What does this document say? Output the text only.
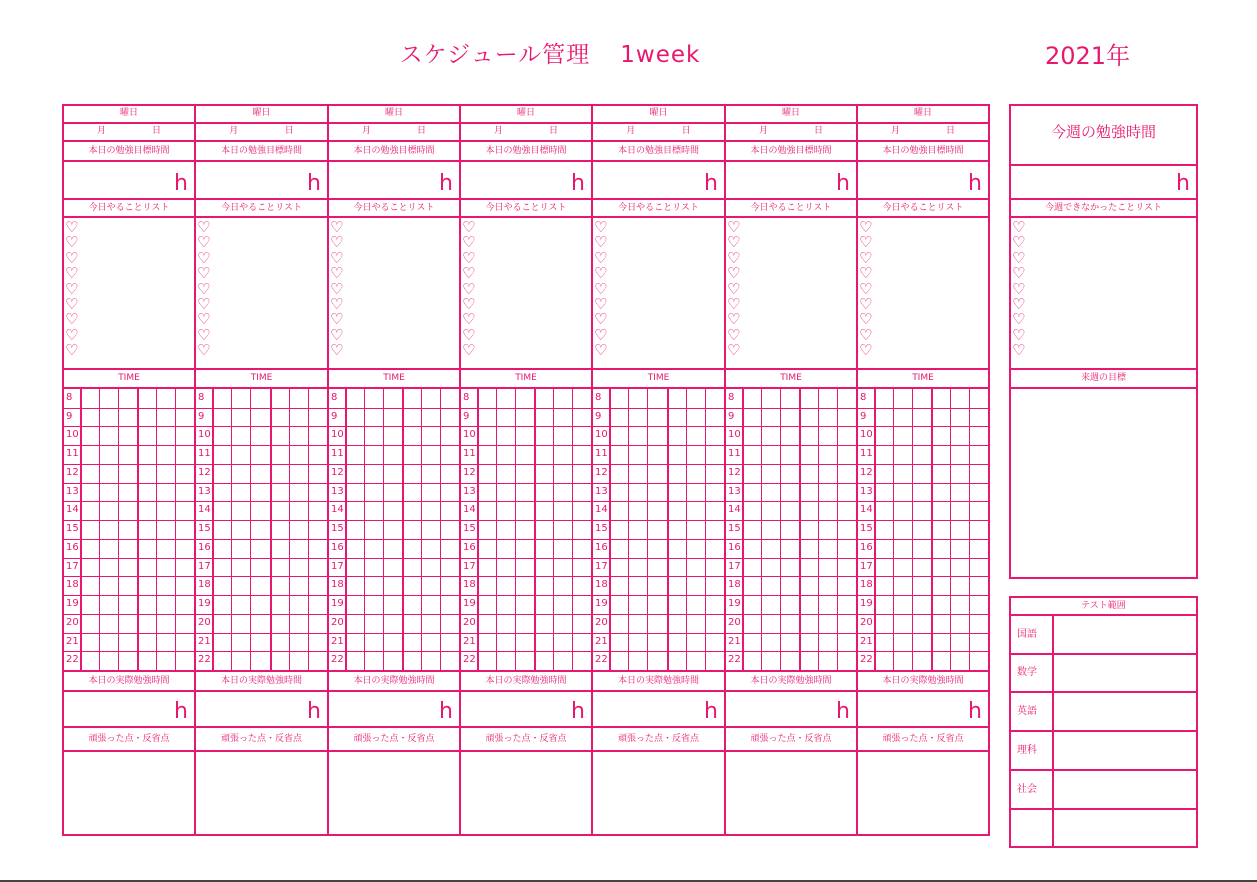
スケジュール管理 1week	2021年
曜日
月	日
本日の勉強目標時間
h
今日やることリスト
♡
♡
♡
♡
♡
♡
♡
♡
♡
TIME
8
9
10
11
12
13
14
15
16
17
18
19
20
21
22
本日の実際勉強時間
h
頑張った点・反省点
曜日
月	日
本日の勉強目標時間
h
今日やることリスト
♡
♡
♡
♡
♡
♡
♡
♡
♡
TIME
8
9
10
11
12
13
14
15
16
17
18
19
20
21
22
本日の実際勉強時間
h
頑張った点・反省点
曜日
月	日
本日の勉強目標時間
h
今日やることリスト
♡
♡
♡
♡
♡
♡
♡
♡
♡
TIME
8
9
10
11
12
13
14
15
16
17
18
19
20
21
22
本日の実際勉強時間
h
頑張った点・反省点
曜日
月	日
本日の勉強目標時間
h
今日やることリスト
♡
♡
♡
♡
♡
♡
♡
♡
♡
TIME
8
9
10
11
12
13
14
15
16
17
18
19
20
21
22
本日の実際勉強時間
h
頑張った点・反省点
曜日
月	日
本日の勉強目標時間
h
今日やることリスト
♡
♡
♡
♡
♡
♡
♡
♡
♡
TIME
8
9
10
11
12
13
14
15
16
17
18
19
20
21
22
本日の実際勉強時間
h
頑張った点・反省点
曜日
月	日
本日の勉強目標時間
h
今日やることリスト
♡
♡
♡
♡
♡
♡
♡
♡
♡
TIME
8
9
10
11
12
13
14
15
16
17
18
19
20
21
22
本日の実際勉強時間
h
頑張った点・反省点
曜日
月	日
本日の勉強目標時間
h
今日やることリスト
♡
♡
♡
♡
♡
♡
♡
♡
♡
TIME
8
9
10
11
12
13
14
15
16
17
18
19
20
21
22
本日の実際勉強時間
h
頑張った点・反省点
今週の勉強時間
h
今週できなかったことリスト
♡
♡
♡
♡
♡
♡
♡
♡
♡
来週の目標
テスト範囲
国語
数学
英語
理科
社会
